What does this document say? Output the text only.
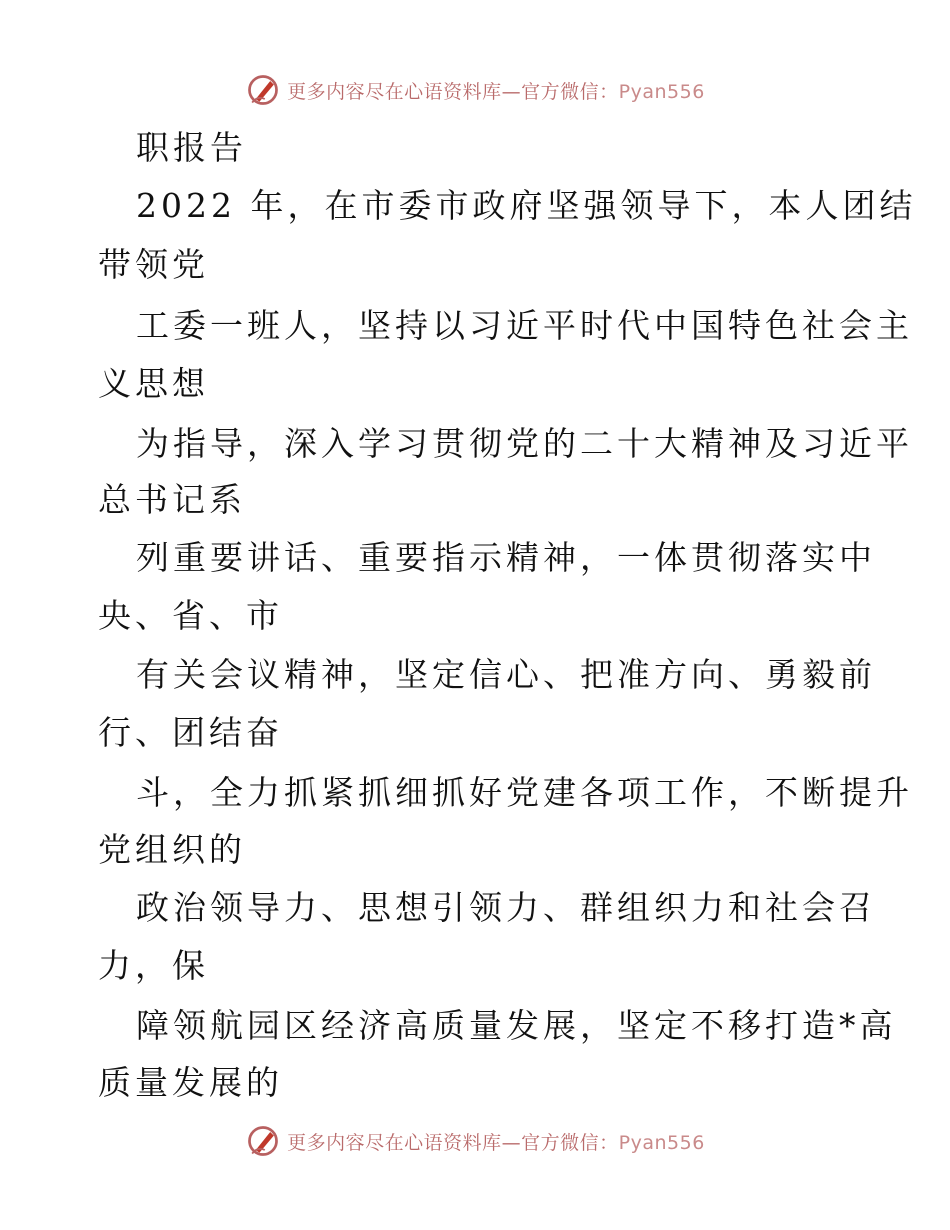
更多内容尽在心语资料库—官方微信：Pyan556
职报告
2022 年，在市委市政府坚强领导下，本人团结
带领党
工委一班人，坚持以习近平时代中国特色社会主
义思想
为指导，深入学习贯彻党的二十大精神及习近平
总书记系
列重要讲话、重要指示精神，一体贯彻落实中
央、省、市
有关会议精神，坚定信心、把准方向、勇毅前
行、团结奋
斗，全力抓紧抓细抓好党建各项工作，不断提升
党组织的
政治领导力、思想引领力、群组织力和社会召
力，保
障领航园区经济高质量发展，坚定不移打造*高
质量发展的
更多内容尽在心语资料库—官方微信：Pyan556
